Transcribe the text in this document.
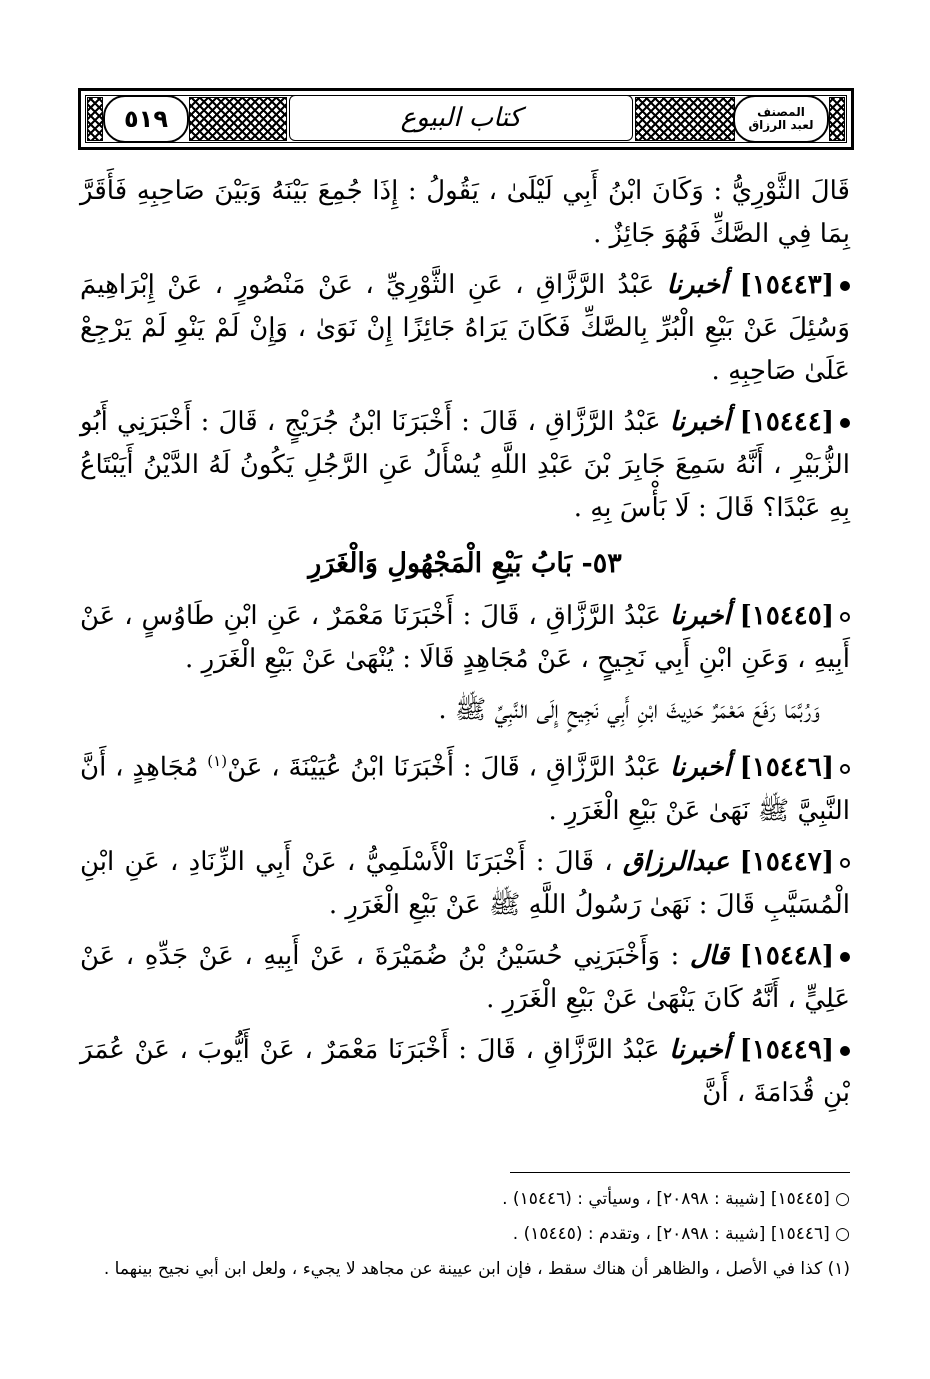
٥١٩	كتاب البيوع	المصنف
لعبد الرزاق

قَالَ الثَّوْرِيُّ : وَكَانَ ابْنُ أَبِي لَيْلَىٰ ، يَقُولُ : إِذَا جُمِعَ بَيْنَهُ وَبَيْنَ صَاحِبِهِ فَأَقَرَّ بِمَا فِي الصَّكِّ فَهُوَ جَائِزٌ .

[١٥٤٤٣] أخبرنا عَبْدُ الرَّزَّاقِ ، عَنِ الثَّوْرِيِّ ، عَنْ مَنْصُورٍ ، عَنْ إِبْرَاهِيمَ وَسُئِلَ عَنْ بَيْعِ الْبُرِّ بِالصَّكِّ فَكَانَ يَرَاهُ جَائِزًا إِنْ نَوَىٰ ، وَإِنْ لَمْ يَنْوِ لَمْ يَرْجِعْ عَلَىٰ صَاحِبِهِ .

[١٥٤٤٤] أخبرنا عَبْدُ الرَّزَّاقِ ، قَالَ : أَخْبَرَنَا ابْنُ جُرَيْجٍ ، قَالَ : أَخْبَرَنِي أَبُو الزُّبَيْرِ ، أَنَّهُ سَمِعَ جَابِرَ بْنَ عَبْدِ اللَّهِ يُسْأَلُ عَنِ الرَّجُلِ يَكُونُ لَهُ الدَّيْنُ أَيَبْتَاعُ بِهِ عَبْدًا؟ قَالَ : لَا بَأْسَ بِهِ .

٥٣- بَابُ بَيْعِ الْمَجْهُولِ وَالْغَرَرِ

[١٥٤٤٥] أخبرنا عَبْدُ الرَّزَّاقِ ، قَالَ : أَخْبَرَنَا مَعْمَرٌ ، عَنِ ابْنِ طَاوُسٍ ، عَنْ أَبِيهِ ، وَعَنِ ابْنِ أَبِي نَجِيحٍ ، عَنْ مُجَاهِدٍ قَالَا : يُنْهَىٰ عَنْ بَيْعِ الْغَرَرِ .

وَرُبَّمَا رَفَعَ مَعْمَرٌ حَدِيثَ ابْنِ أَبِي نَجِيحٍ إِلَى النَّبِيِّ ﷺ .

[١٥٤٤٦] أخبرنا عَبْدُ الرَّزَّاقِ ، قَالَ : أَخْبَرَنَا ابْنُ عُيَيْنَةَ ، عَنْ$^{(١)}$ مُجَاهِدٍ ، أَنَّ النَّبِيَّ ﷺ نَهَىٰ عَنْ بَيْعِ الْغَرَرِ .

[١٥٤٤٧] عبدالرزاق ، قَالَ : أَخْبَرَنَا الْأَسْلَمِيُّ ، عَنْ أَبِي الزِّنَادِ ، عَنِ ابْنِ الْمُسَيَّبِ قَالَ : نَهَىٰ رَسُولُ اللَّهِ ﷺ عَنْ بَيْعِ الْغَرَرِ .

[١٥٤٤٨] قال : وَأَخْبَرَنِي حُسَيْنُ بْنُ ضُمَيْرَةَ ، عَنْ أَبِيهِ ، عَنْ جَدِّهِ ، عَنْ عَلِيٍّ ، أَنَّهُ كَانَ يَنْهَىٰ عَنْ بَيْعِ الْغَرَرِ .

[١٥٤٤٩] أخبرنا عَبْدُ الرَّزَّاقِ ، قَالَ : أَخْبَرَنَا مَعْمَرٌ ، عَنْ أَيُّوبَ ، عَنْ عُمَرَ بْنِ قُدَامَةَ ، أَنَّ

○ [١٥٤٤٥] [شيبة : ٢٠٨٩٨] ، وسيأتي : (١٥٤٤٦) .

○ [١٥٤٤٦] [شيبة : ٢٠٨٩٨] ، وتقدم : (١٥٤٤٥) .

(١) كذا في الأصل ، والظاهر أن هناك سقط ، فإن ابن عيينة عن مجاهد لا يجيء ، ولعل ابن أبي نجيح بينهما .
